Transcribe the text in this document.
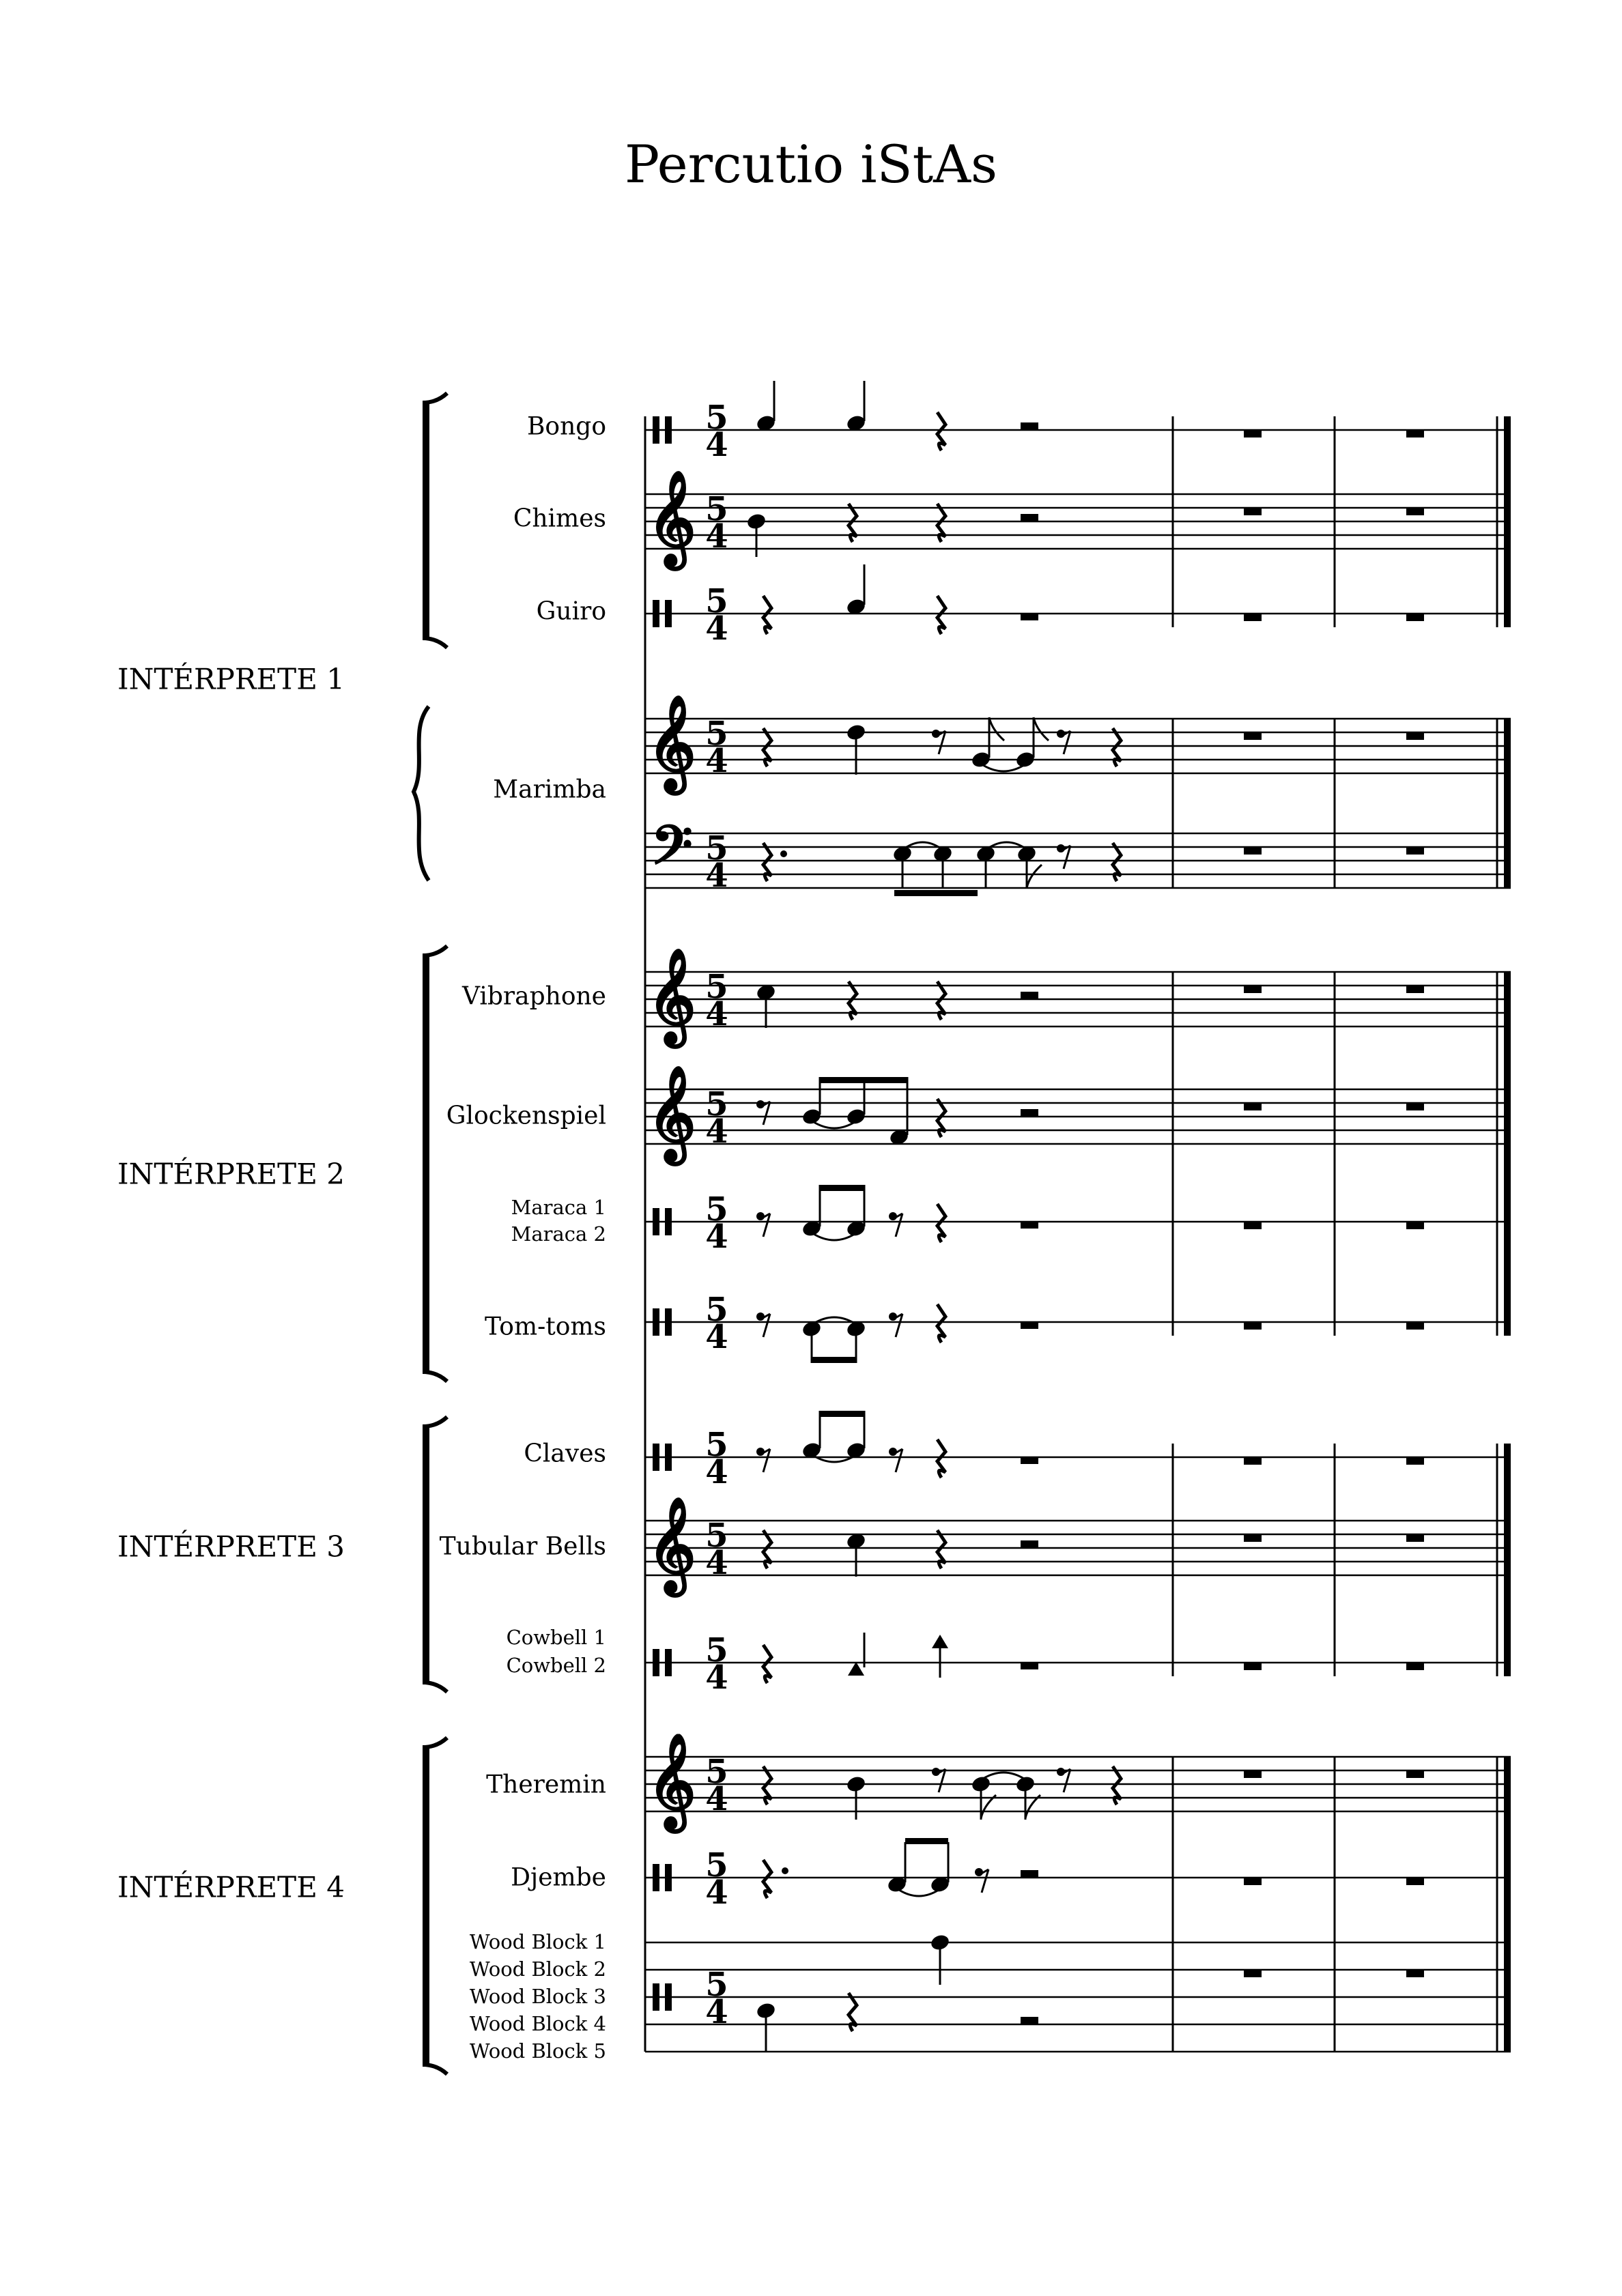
𝄞
𝄞
𝄢
𝄞
𝄞
𝄞
𝄞
5
4
5
4
5
4
5
4
5
4
5
4
5
4
5
4
5
4
5
4
5
4
5
4
5
4
5
4
5
4
Percutio iStAs
INTÉRPRETE 1
INTÉRPRETE 2
INTÉRPRETE 3
INTÉRPRETE 4
Bongo
Chimes
Guiro
Marimba
Vibraphone
Glockenspiel
Maraca 1
Maraca 2
Tom-toms
Claves
Tubular Bells
Cowbell 1
Cowbell 2
Theremin
Djembe
Wood Block 1
Wood Block 2
Wood Block 3
Wood Block 4
Wood Block 5
